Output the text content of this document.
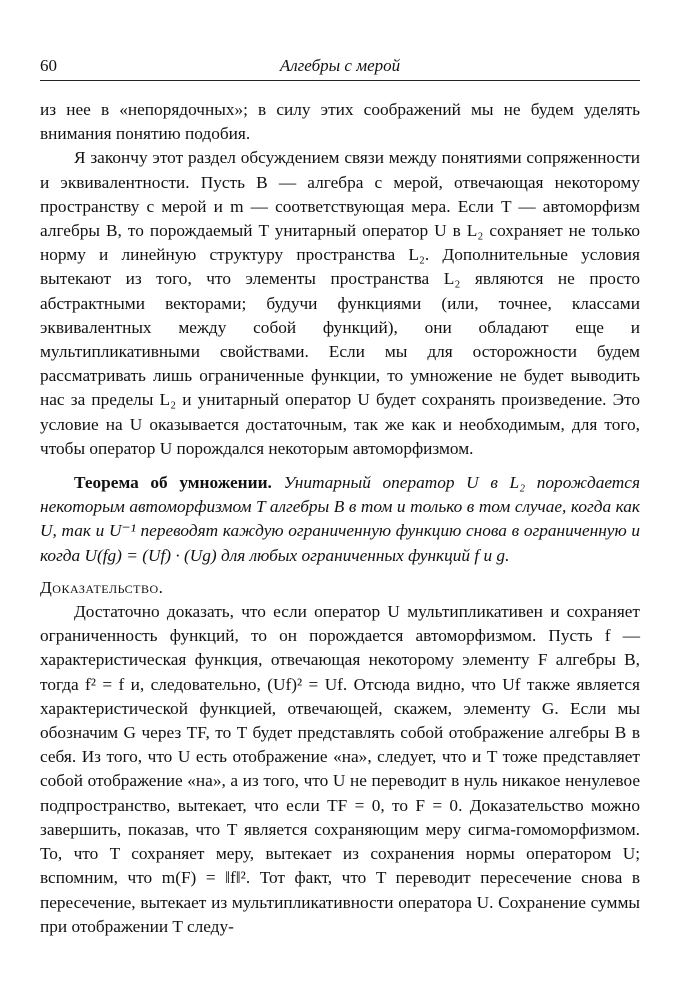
60	Алгебры с мерой

из нее в «непорядочных»; в силу этих соображений мы не будем уделять внимания понятию подобия.

Я закончу этот раздел обсуждением связи между понятиями сопряженности и эквивалентности. Пусть B — алгебра с мерой, отвечающая некоторому пространству с мерой и m — соответствующая мера. Если T — автоморфизм алгебры B, то порождаемый T унитарный оператор U в L₂ сохраняет не только норму и линейную структуру пространства L₂. Дополнительные условия вытекают из того, что элементы пространства L₂ являются не просто абстрактными векторами; будучи функциями (или, точнее, классами эквивалентных между собой функций), они обладают еще и мультипликативными свойствами. Если мы для осторожности будем рассматривать лишь ограниченные функции, то умножение не будет выводить нас за пределы L₂ и унитарный оператор U будет сохранять произведение. Это условие на U оказывается достаточным, так же как и необходимым, для того, чтобы оператор U порождался некоторым автоморфизмом.

Теорема об умножении. Унитарный оператор U в L₂ порождается некоторым автоморфизмом T алгебры B в том и только в том случае, когда как U, так и U⁻¹ переводят каждую ограниченную функцию снова в ограниченную и когда U(fg) = (Uf) · (Ug) для любых ограниченных функций f и g.

Доказательство.

Достаточно доказать, что если оператор U мультипликативен и сохраняет ограниченность функций, то он порождается автоморфизмом. Пусть f — характеристическая функция, отвечающая некоторому элементу F алгебры B, тогда f² = f и, следовательно, (Uf)² = Uf. Отсюда видно, что Uf также является характеристической функцией, отвечающей, скажем, элементу G. Если мы обозначим G через TF, то T будет представлять собой отображение алгебры B в себя. Из того, что U есть отображение «на», следует, что и T тоже представляет собой отображение «на», а из того, что U не переводит в нуль никакое ненулевое подпространство, вытекает, что если TF = 0, то F = 0. Доказательство можно завершить, показав, что T является сохраняющим меру сигма-гомоморфизмом. То, что T сохраняет меру, вытекает из сохранения нормы оператором U; вспомним, что m(F) = ‖f‖². Тот факт, что T переводит пересечение снова в пересечение, вытекает из мультипликативности оператора U. Сохранение суммы при отображении T следу-
